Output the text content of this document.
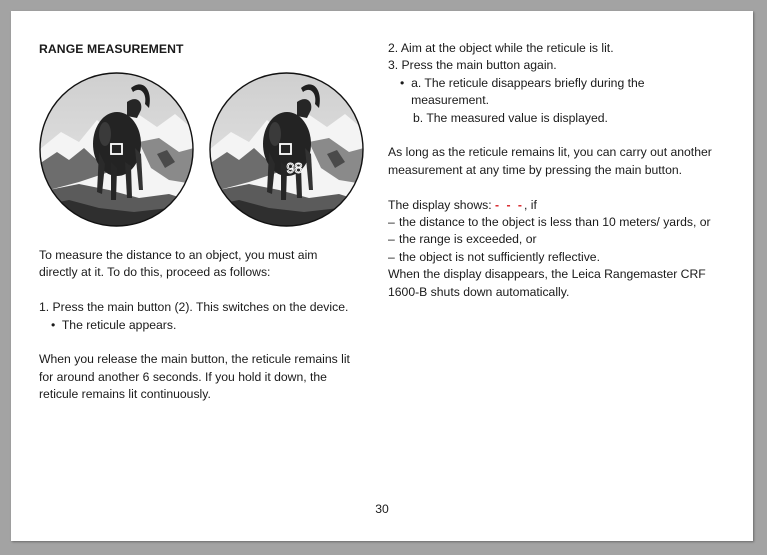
RANGE MEASUREMENT
98

To measure the distance to an object, you must aim directly at it. To do this, proceed as follows:

1. Press the main button (2). This switches on the device.

• The reticule appears.

When you release the main button, the reticule remains lit for around another 6 seconds. If you hold it down, the reticule remains lit continuously.

2. Aim at the object while the reticule is lit.

3. Press the main button again.

• a. The reticule disappears briefly during the measurement.

b. The measured value is displayed.

As long as the reticule remains lit, you can carry out another measurement at any time by pressing the main button.

The display shows: - - -, if

– the distance to the object is less than 10 meters/ yards, or

– the range is exceeded, or

– the object is not sufficiently reflective.

When the display disappears, the Leica Rangemaster CRF 1600-B shuts down automatically.

30
